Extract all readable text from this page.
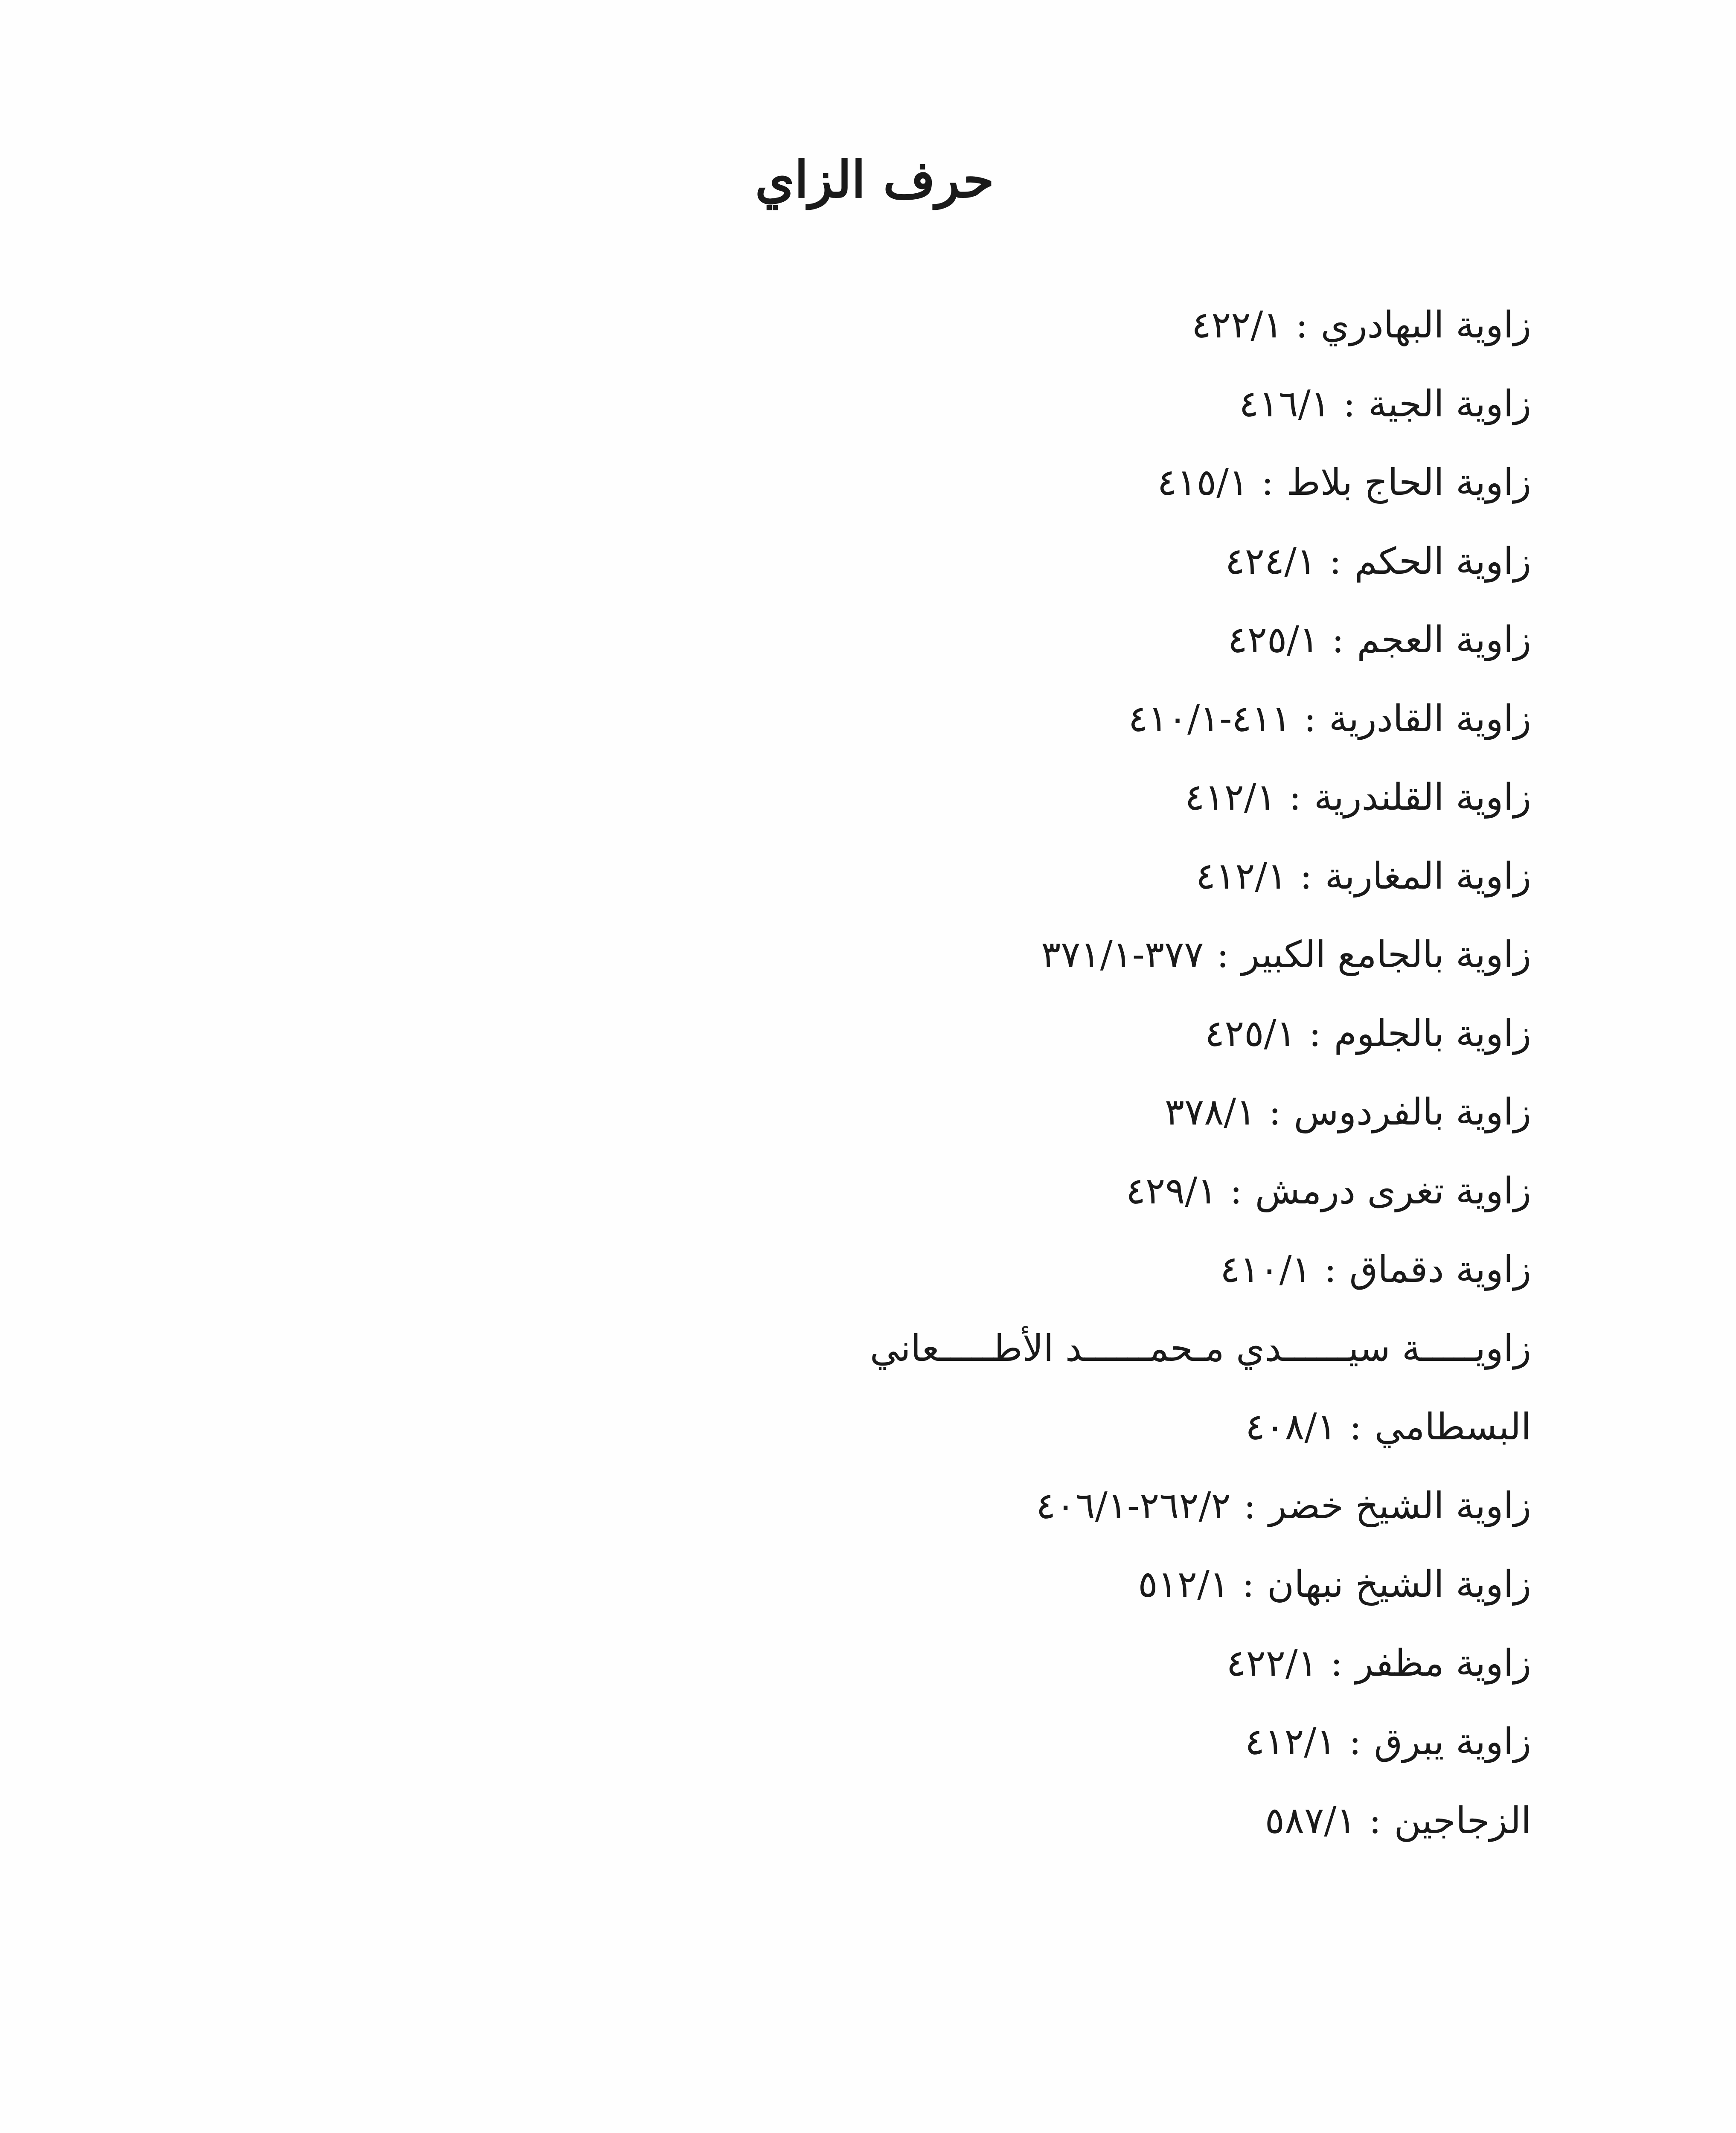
حرف الزاي
زاوية البهادري:٤٢٢/١
زاوية الجية:٤١٦/١
زاوية الحاج بلاط:٤١٥/١
زاوية الحكم:٤٢٤/١
زاوية العجم:٤٢٥/١
زاوية القادرية:٤١١-٤١٠/١
زاوية القلندرية:٤١٢/١
زاوية المغاربة:٤١٢/١
زاوية بالجامع الكبير:٣٧٧-٣٧١/١
زاوية بالجلوم:٤٢٥/١
زاوية بالفردوس:٣٧٨/١
زاوية تغرى درمش:٤٢٩/١
زاوية دقماق:٤١٠/١
زاويـــــة سيــــــدي مـحمــــــد الأطـــــعاني
البسطامي:٤٠٨/١
زاوية الشيخ خضر:٢٦٢/٢-٤٠٦/١
زاوية الشيخ نبهان:٥١٢/١
زاوية مظفر:٤٢٢/١
زاوية يبرق:٤١٢/١
الزجاجين:٥٨٧/١
